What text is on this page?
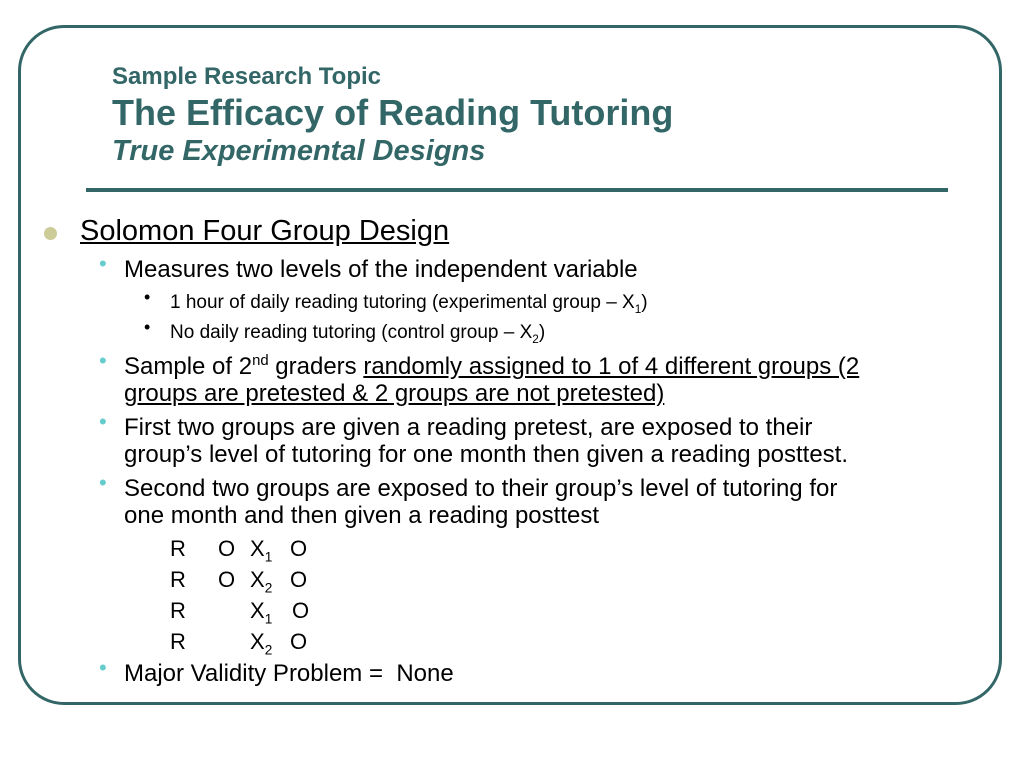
Sample Research Topic
The Efficacy of Reading Tutoring
True Experimental Designs
Solomon Four Group Design
• Measures two levels of the independent variable
• 1 hour of daily reading tutoring (experimental group – $X_1$)
• No daily reading tutoring (control group – $X_2$)
• Sample of 2nd graders randomly assigned to 1 of 4 different groups (2
groups are pretested & 2 groups are not pretested)
• First two groups are given a reading pretest, are exposed to their
group’s level of tutoring for one month then given a reading posttest.
• Second two groups are exposed to their group’s level of tutoring for
one month and then given a reading posttest
R O $X_1$ O
R O $X_2$ O
R	$X_1$ O
R	$X_2$ O
• Major Validity Problem =  None
